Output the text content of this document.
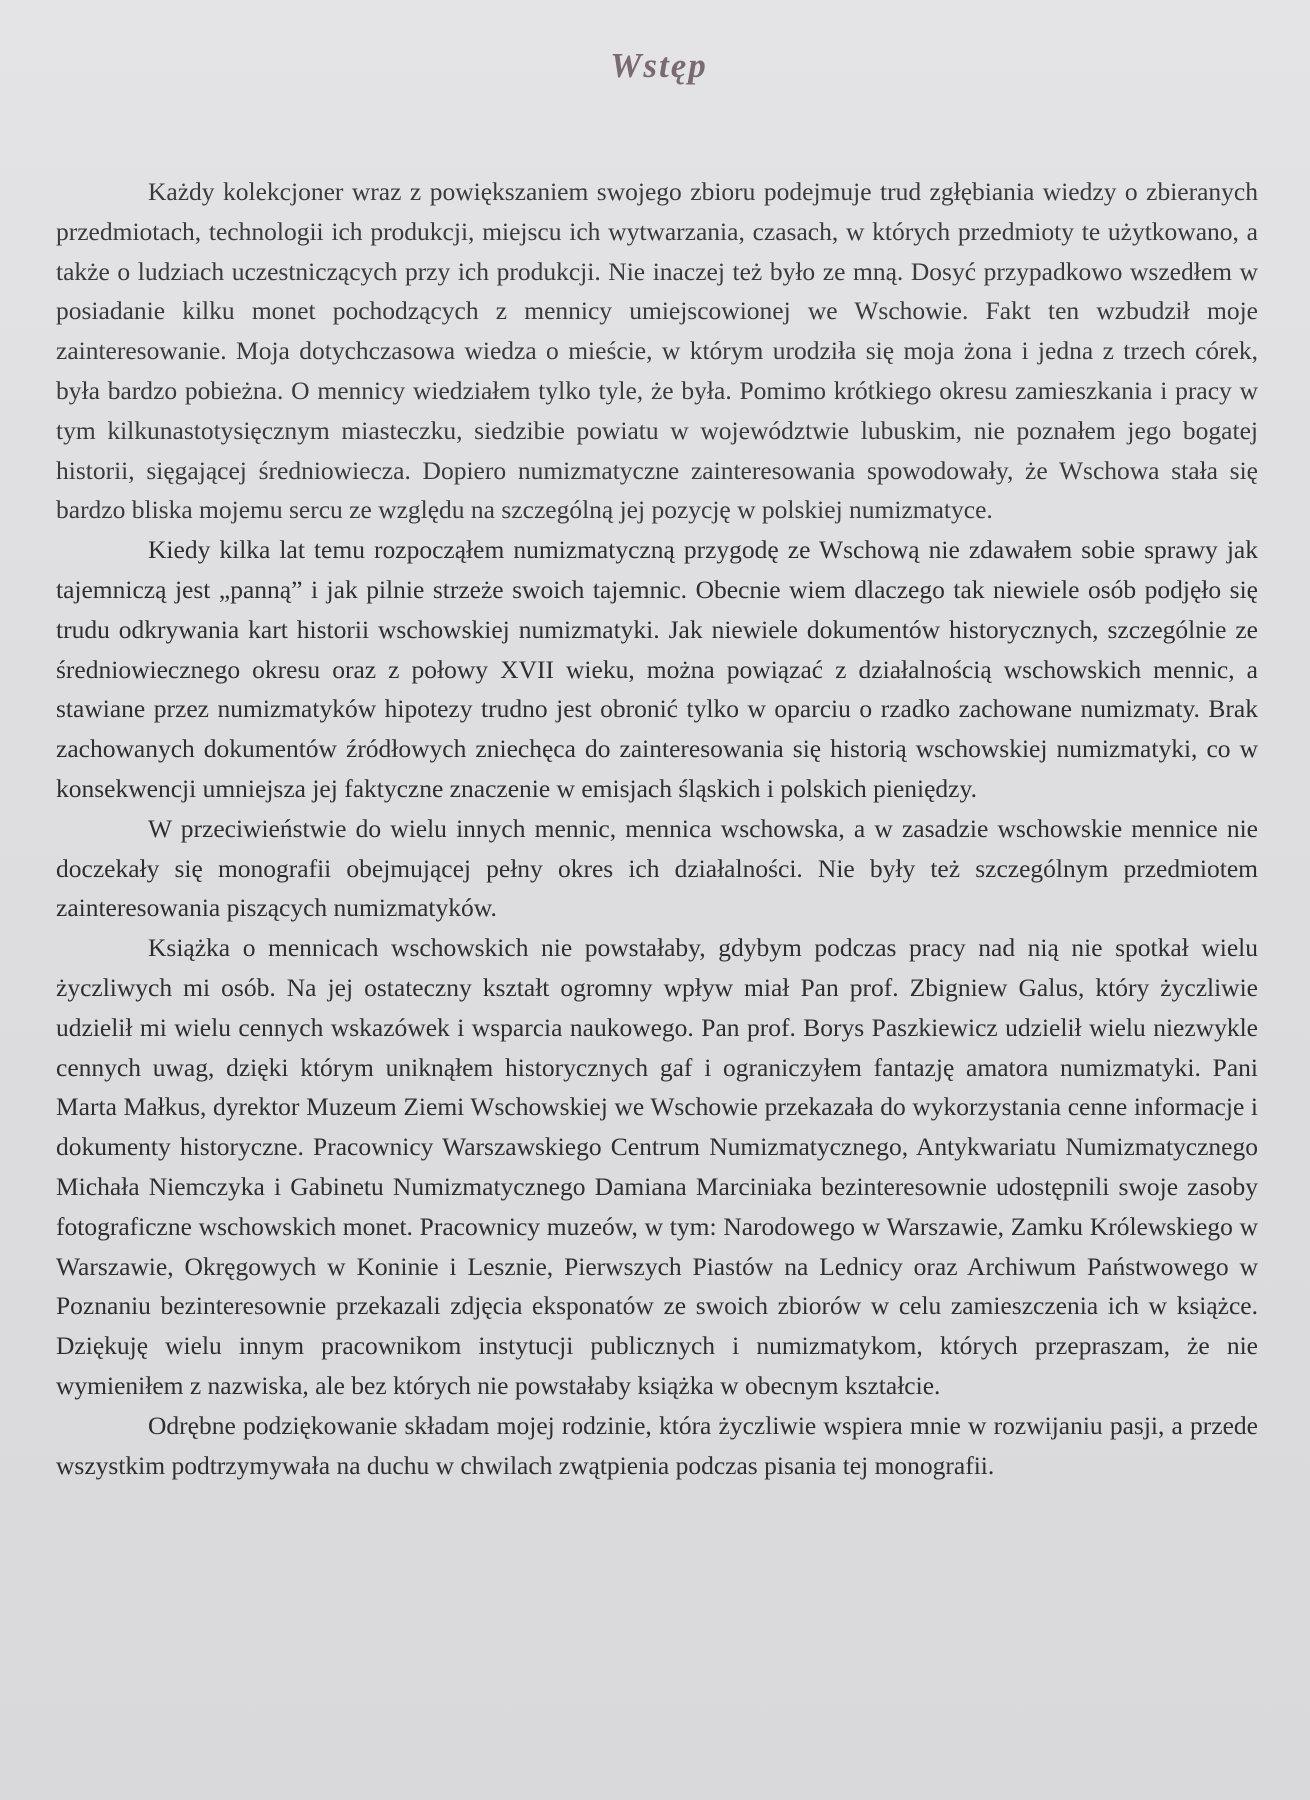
Wstęp

Każdy kolekcjoner wraz z powiększaniem swojego zbioru podejmuje trud zgłębiania wiedzy o zbieranych przedmiotach, technologii ich produkcji, miejscu ich wytwarzania, czasach, w których przedmioty te użytkowano, a także o ludziach uczestniczących przy ich produkcji. Nie inaczej też było ze mną. Dosyć przypadkowo wszedłem w posiadanie kilku monet pochodzących z mennicy umiejscowionej we Wschowie. Fakt ten wzbudził moje zainteresowanie. Moja dotychczasowa wiedza o mieście, w którym urodziła się moja żona i jedna z trzech córek, była bardzo pobieżna. O mennicy wiedziałem tylko tyle, że była. Pomimo krótkiego okresu zamieszkania i pracy w tym kilkunastotysięcznym miasteczku, siedzibie powiatu w województwie lubuskim, nie poznałem jego bogatej historii, sięgającej średniowiecza. Dopiero numizmatyczne zainteresowania spowodowały, że Wschowa stała się bardzo bliska mojemu sercu ze względu na szczególną jej pozycję w polskiej numizmatyce.

Kiedy kilka lat temu rozpocząłem numizmatyczną przygodę ze Wschową nie zdawałem sobie sprawy jak tajemniczą jest „panną” i jak pilnie strzeże swoich tajemnic. Obecnie wiem dlaczego tak niewiele osób podjęło się trudu odkrywania kart historii wschowskiej numizmatyki. Jak niewiele dokumentów historycznych, szczególnie ze średniowiecznego okresu oraz z połowy XVII wieku, można powiązać z działalnością wschowskich mennic, a stawiane przez numizmatyków hipotezy trudno jest obronić tylko w oparciu o rzadko zachowane numizmaty. Brak zachowanych dokumentów źródłowych zniechęca do zainteresowania się historią wschowskiej numizmatyki, co w konsekwencji umniejsza jej faktyczne znaczenie w emisjach śląskich i polskich pieniędzy.

W przeciwieństwie do wielu innych mennic, mennica wschowska, a w zasadzie wschowskie mennice nie doczekały się monografii obejmującej pełny okres ich działalności. Nie były też szczególnym przedmiotem zainteresowania piszących numizmatyków.

Książka o mennicach wschowskich nie powstałaby, gdybym podczas pracy nad nią nie spotkał wielu życzliwych mi osób. Na jej ostateczny kształt ogromny wpływ miał Pan prof. Zbigniew Galus, który życzliwie udzielił mi wielu cennych wskazówek i wsparcia naukowego. Pan prof. Borys Paszkiewicz udzielił wielu niezwykle cennych uwag, dzięki którym uniknąłem historycznych gaf i ograniczyłem fantazję amatora numizmatyki. Pani Marta Małkus, dyrektor Muzeum Ziemi Wschowskiej we Wschowie przekazała do wykorzystania cenne informacje i dokumenty historyczne. Pracownicy Warszawskiego Centrum Numizmatycznego, Antykwariatu Numizmatycznego Michała Niemczyka i Gabinetu Numizmatycznego Damiana Marciniaka bezinteresownie udostępnili swoje zasoby fotograficzne wschowskich monet. Pracownicy muzeów, w tym: Narodowego w Warszawie, Zamku Królewskiego w Warszawie, Okręgowych w Koninie i Lesznie, Pierwszych Piastów na Lednicy oraz Archiwum Państwowego w Poznaniu bezinteresownie przekazali zdjęcia eksponatów ze swoich zbiorów w celu zamieszczenia ich w książce. Dziękuję wielu innym pracownikom instytucji publicznych i numizmatykom, których przepraszam, że nie wymieniłem z nazwiska, ale bez których nie powstałaby książka w obecnym kształcie.

Odrębne podziękowanie składam mojej rodzinie, która życzliwie wspiera mnie w rozwijaniu pasji, a przede wszystkim podtrzymywała na duchu w chwilach zwątpienia podczas pisania tej monografii.
